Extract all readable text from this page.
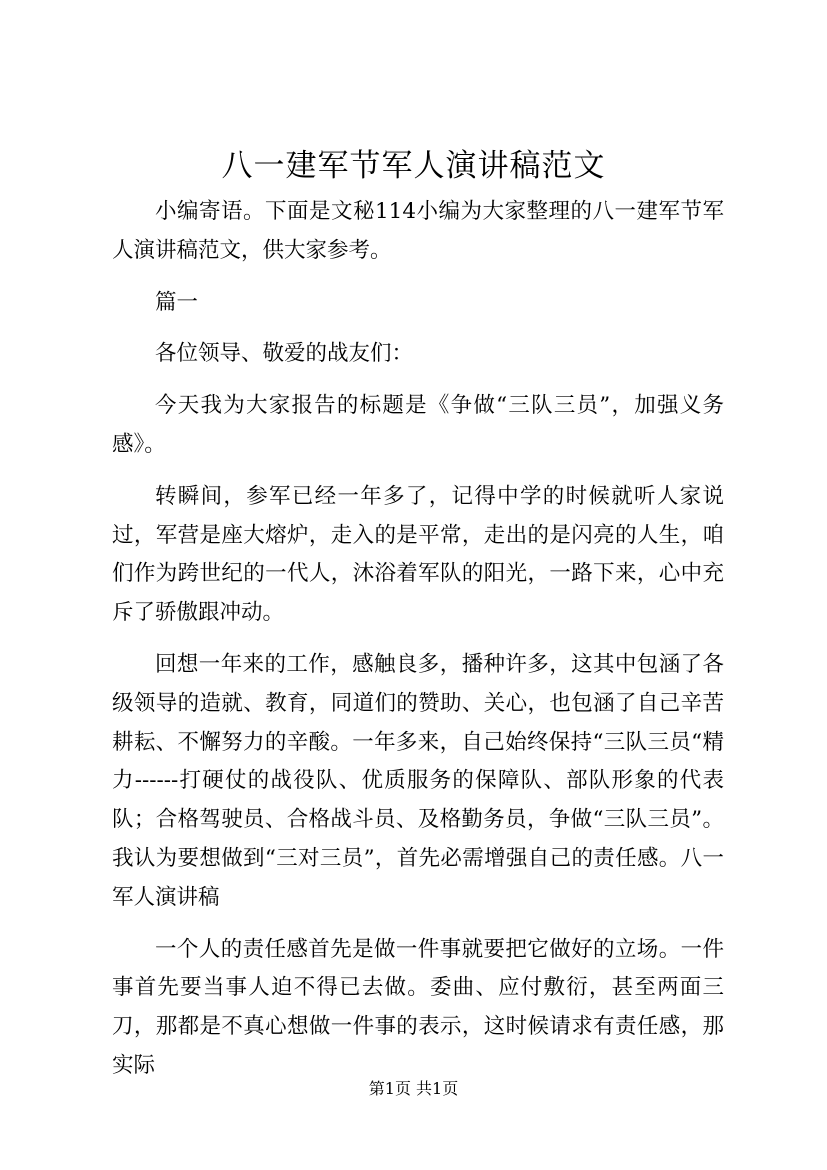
八一建军节军人演讲稿范文

小编寄语。下面是文秘114小编为大家整理的八一建军节军人演讲稿范文，供大家参考。

篇一

各位领导、敬爱的战友们：

今天我为大家报告的标题是《争做“三队三员”，加强义务感》。

转瞬间，参军已经一年多了，记得中学的时候就听人家说过，军营是座大熔炉，走入的是平常，走出的是闪亮的人生，咱们作为跨世纪的一代人，沐浴着军队的阳光，一路下来，心中充斥了骄傲跟冲动。

回想一年来的工作，感触良多，播种许多，这其中包涵了各级领导的造就、教育，同道们的赞助、关心，也包涵了自己辛苦耕耘、不懈努力的辛酸。一年多来，自己始终保持“三队三员“精力------打硬仗的战役队、优质服务的保障队、部队形象的代表队；合格驾驶员、合格战斗员、及格勤务员，争做“三队三员”。我认为要想做到“三对三员”，首先必需增强自己的责任感。八一军人演讲稿

一个人的责任感首先是做一件事就要把它做好的立场。一件事首先要当事人迫不得已去做。委曲、应付敷衍，甚至两面三刀，那都是不真心想做一件事的表示，这时候请求有责任感，那实际

第1页 共1页
